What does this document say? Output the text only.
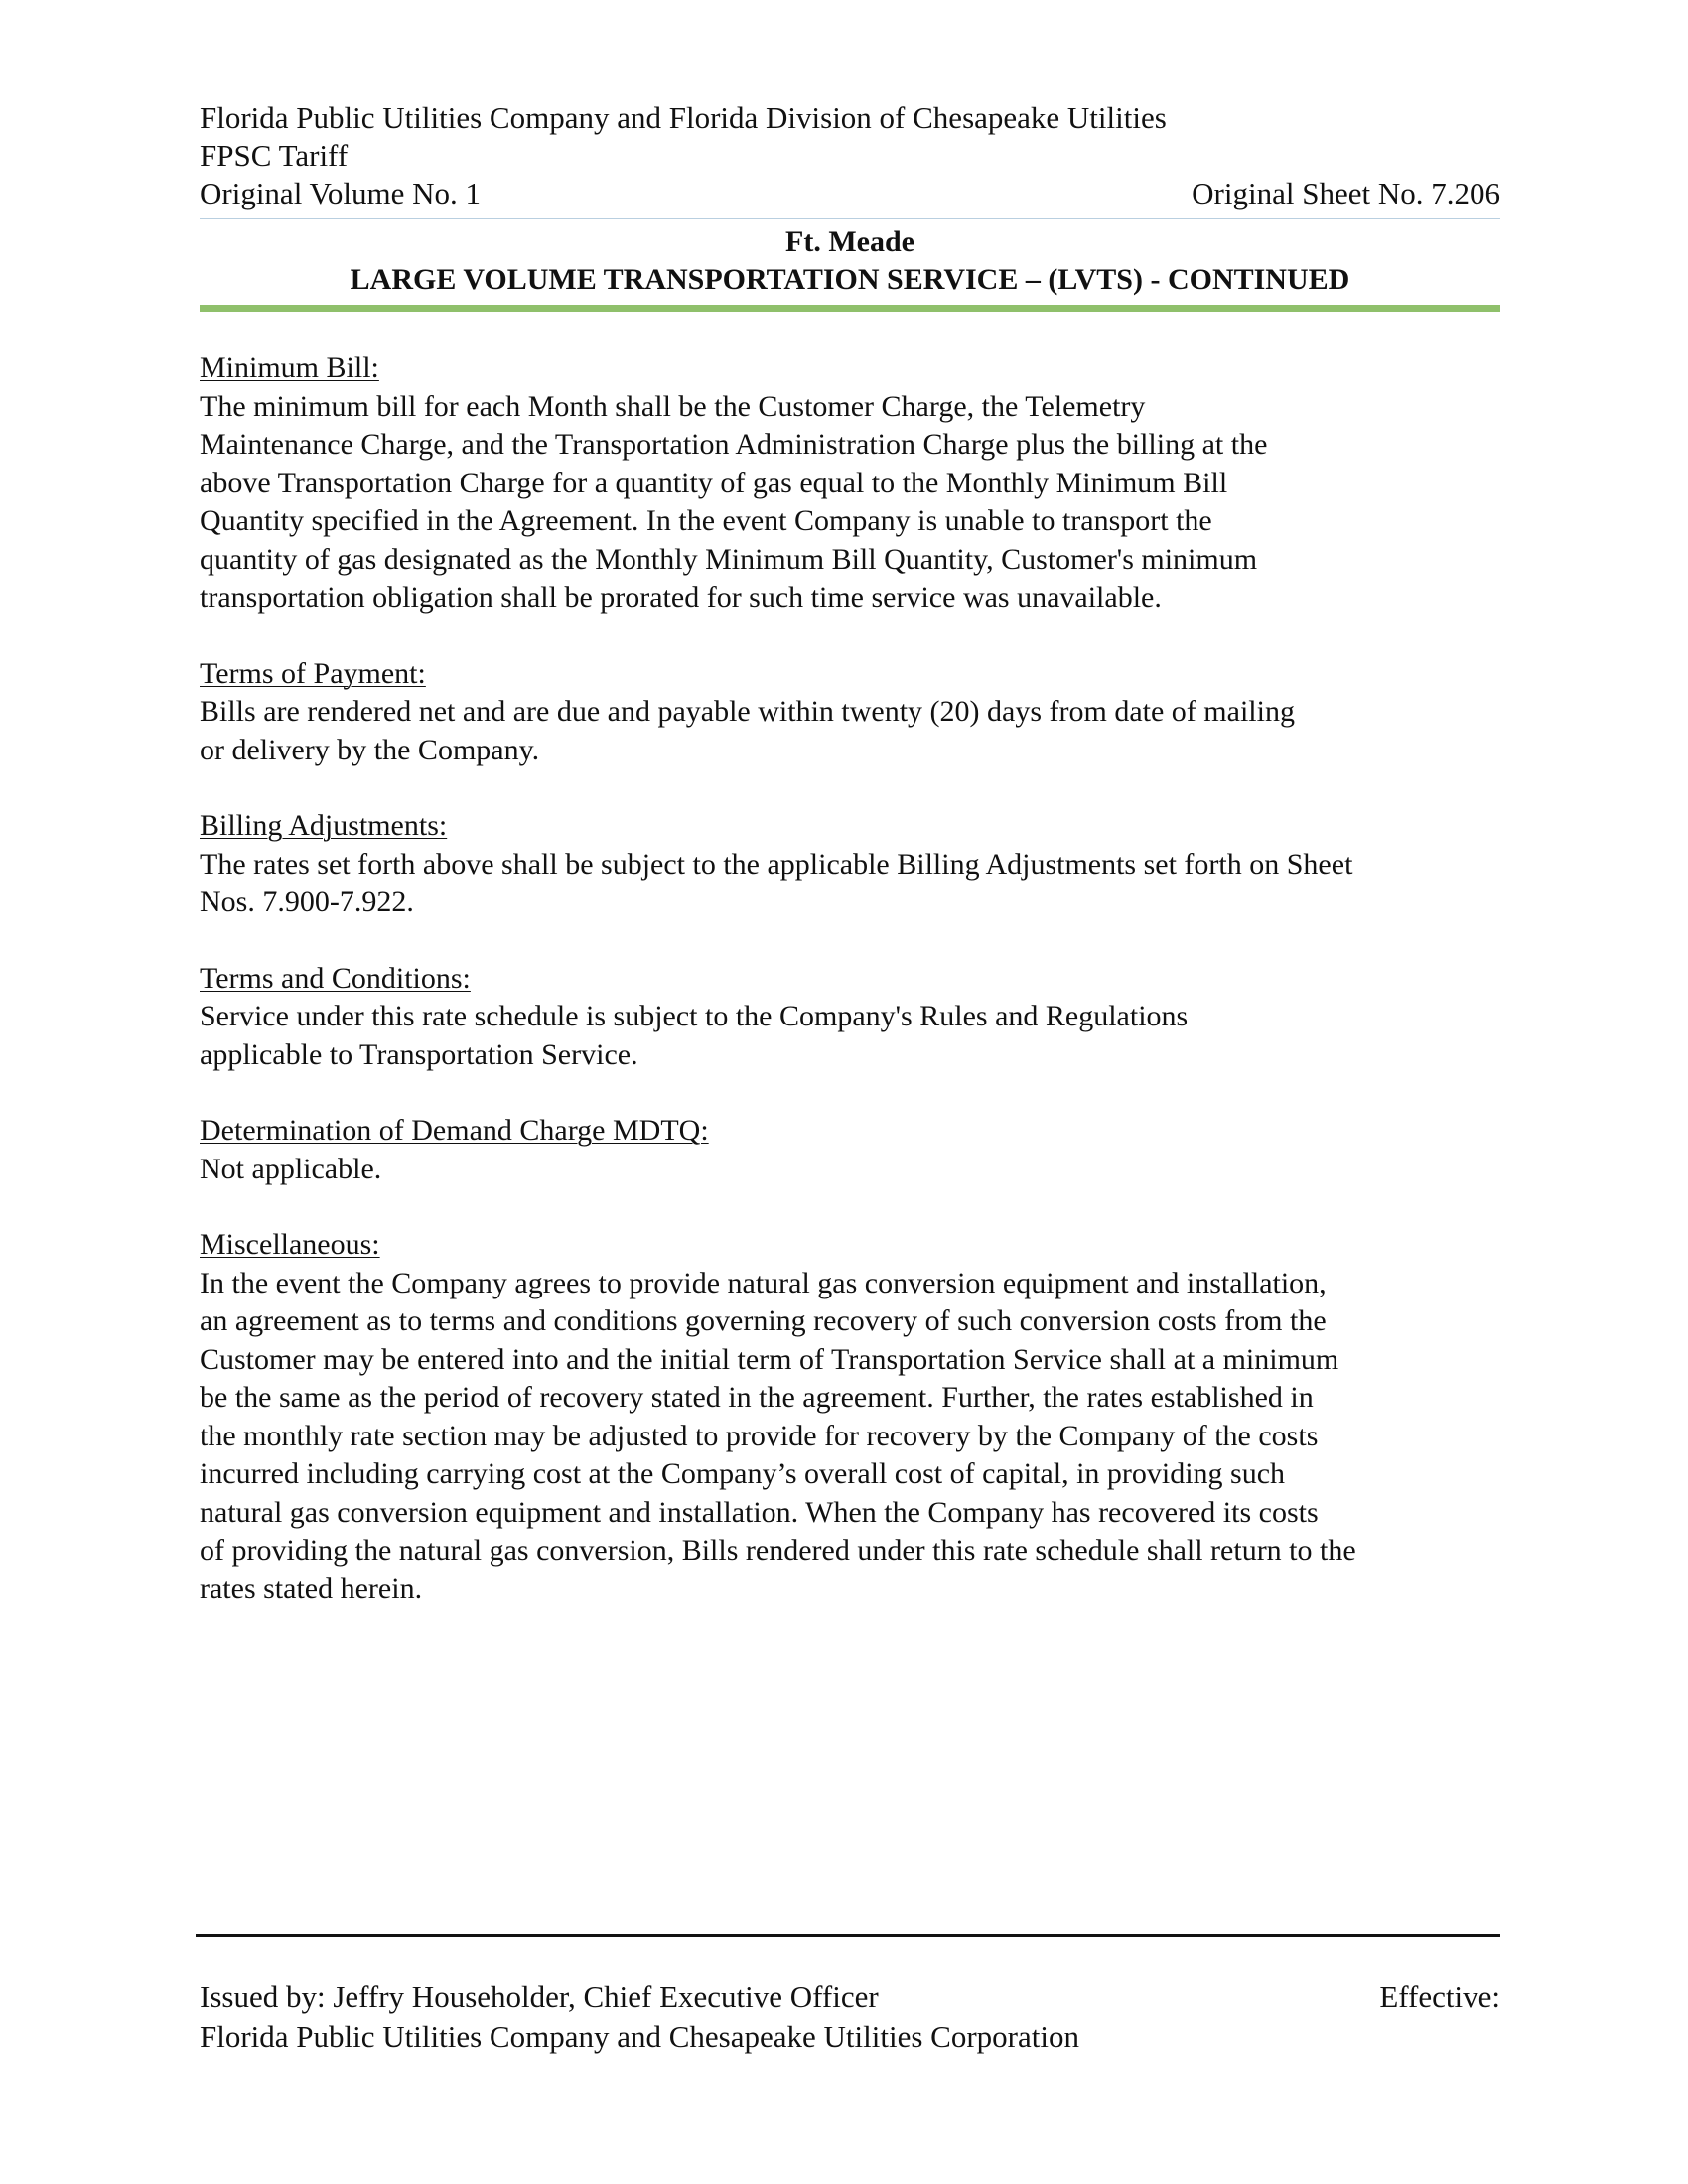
Florida Public Utilities Company and Florida Division of Chesapeake Utilities
FPSC Tariff
Original Volume No. 1	Original Sheet No. 7.206
Ft. Meade
LARGE VOLUME TRANSPORTATION SERVICE – (LVTS) - CONTINUED
Minimum Bill:
The minimum bill for each Month shall be the Customer Charge, the Telemetry
Maintenance Charge, and the Transportation Administration Charge plus the billing at the
above Transportation Charge for a quantity of gas equal to the Monthly Minimum Bill
Quantity specified in the Agreement. In the event Company is unable to transport the
quantity of gas designated as the Monthly Minimum Bill Quantity, Customer's minimum
transportation obligation shall be prorated for such time service was unavailable.
Terms of Payment:
Bills are rendered net and are due and payable within twenty (20) days from date of mailing
or delivery by the Company.
Billing Adjustments:
The rates set forth above shall be subject to the applicable Billing Adjustments set forth on Sheet
Nos. 7.900-7.922.
Terms and Conditions:
Service under this rate schedule is subject to the Company's Rules and Regulations
applicable to Transportation Service.
Determination of Demand Charge MDTQ:
Not applicable.
Miscellaneous:
In the event the Company agrees to provide natural gas conversion equipment and installation,
an agreement as to terms and conditions governing recovery of such conversion costs from the
Customer may be entered into and the initial term of Transportation Service shall at a minimum
be the same as the period of recovery stated in the agreement. Further, the rates established in
the monthly rate section may be adjusted to provide for recovery by the Company of the costs
incurred including carrying cost at the Company’s overall cost of capital, in providing such
natural gas conversion equipment and installation. When the Company has recovered its costs
of providing the natural gas conversion, Bills rendered under this rate schedule shall return to the
rates stated herein.
Issued by: Jeffry Householder, Chief Executive Officer	Effective:
Florida Public Utilities Company and Chesapeake Utilities Corporation
